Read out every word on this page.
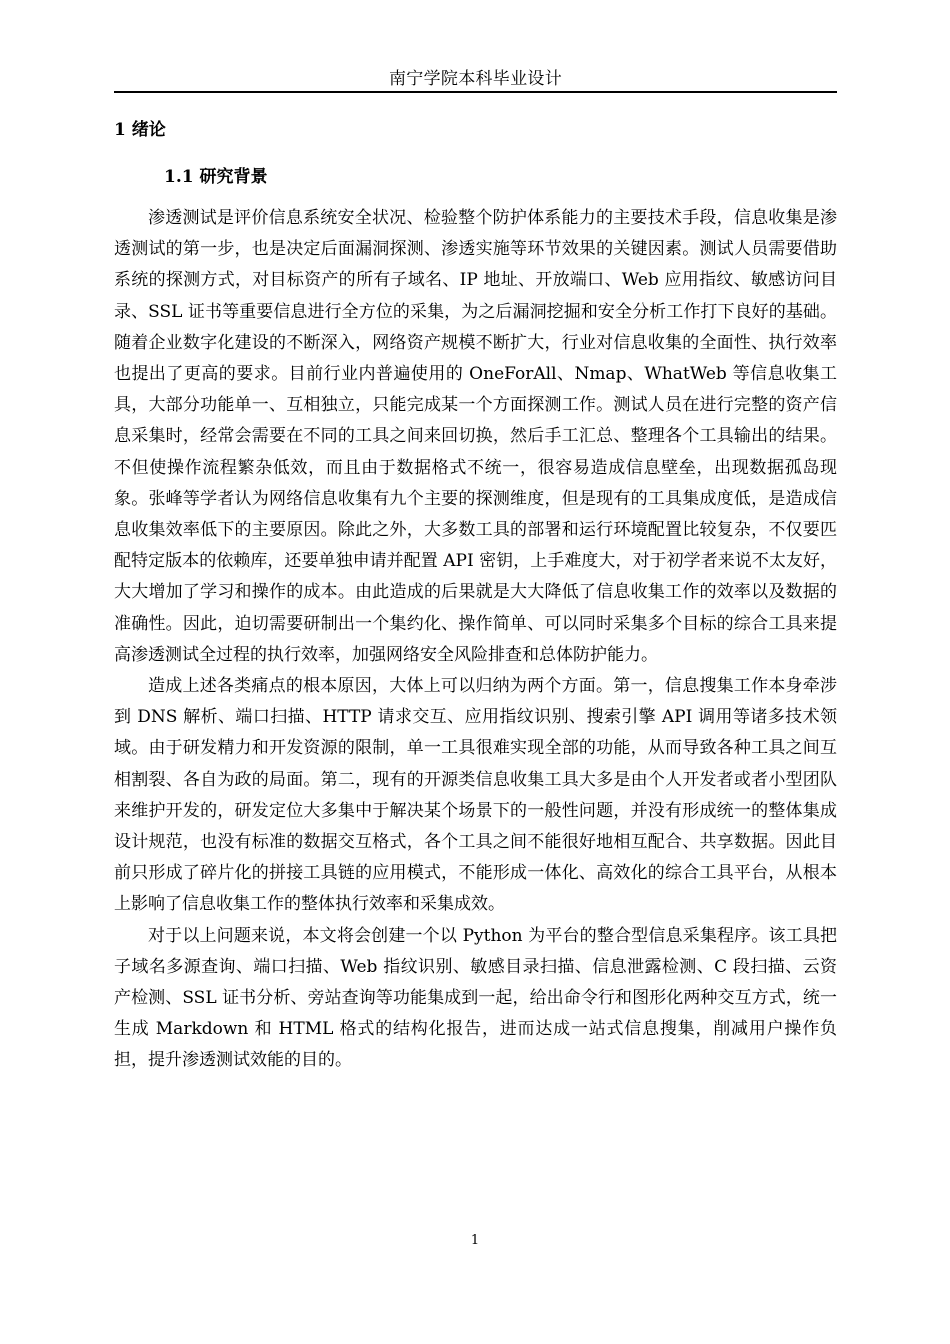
南宁学院本科毕业设计
1 绪论
1.1 研究背景

渗透测试是评价信息系统安全状况、检验整个防护体系能力的主要技术手段，信息收集是渗透测试的第一步，也是决定后面漏洞探测、渗透实施等环节效果的关键因素。测试人员需要借助系统的探测方式，对目标资产的所有子域名、IP 地址、开放端口、Web 应用指纹、敏感访问目录、SSL 证书等重要信息进行全方位的采集，为之后漏洞挖掘和安全分析工作打下良好的基础。随着企业数字化建设的不断深入，网络资产规模不断扩大，行业对信息收集的全面性、执行效率也提出了更高的要求。目前行业内普遍使用的 OneForAll、Nmap、WhatWeb 等信息收集工具，大部分功能单一、互相独立，只能完成某一个方面探测工作。测试人员在进行完整的资产信息采集时，经常会需要在不同的工具之间来回切换，然后手工汇总、整理各个工具输出的结果。不但使操作流程繁杂低效，而且由于数据格式不统一，很容易造成信息壁垒，出现数据孤岛现象。张峰等学者认为网络信息收集有九个主要的探测维度，但是现有的工具集成度低，是造成信息收集效率低下的主要原因。除此之外，大多数工具的部署和运行环境配置比较复杂，不仅要匹配特定版本的依赖库，还要单独申请并配置 API 密钥，上手难度大，对于初学者来说不太友好，大大增加了学习和操作的成本。由此造成的后果就是大大降低了信息收集工作的效率以及数据的准确性。因此，迫切需要研制出一个集约化、操作简单、可以同时采集多个目标的综合工具来提高渗透测试全过程的执行效率，加强网络安全风险排查和总体防护能力。

造成上述各类痛点的根本原因，大体上可以归纳为两个方面。第一，信息搜集工作本身牵涉到 DNS 解析、端口扫描、HTTP 请求交互、应用指纹识别、搜索引擎 API 调用等诸多技术领域。由于研发精力和开发资源的限制，单一工具很难实现全部的功能，从而导致各种工具之间互相割裂、各自为政的局面。第二，现有的开源类信息收集工具大多是由个人开发者或者小型团队来维护开发的，研发定位大多集中于解决某个场景下的一般性问题，并没有形成统一的整体集成设计规范，也没有标准的数据交互格式，各个工具之间不能很好地相互配合、共享数据。因此目前只形成了碎片化的拼接工具链的应用模式，不能形成一体化、高效化的综合工具平台，从根本上影响了信息收集工作的整体执行效率和采集成效。

对于以上问题来说，本文将会创建一个以 Python 为平台的整合型信息采集程序。该工具把子域名多源查询、端口扫描、Web 指纹识别、敏感目录扫描、信息泄露检测、C 段扫描、云资产检测、SSL 证书分析、旁站查询等功能集成到一起，给出命令行和图形化两种交互方式，统一生成 Markdown 和 HTML 格式的结构化报告，进而达成一站式信息搜集，削减用户操作负担，提升渗透测试效能的目的。

1
